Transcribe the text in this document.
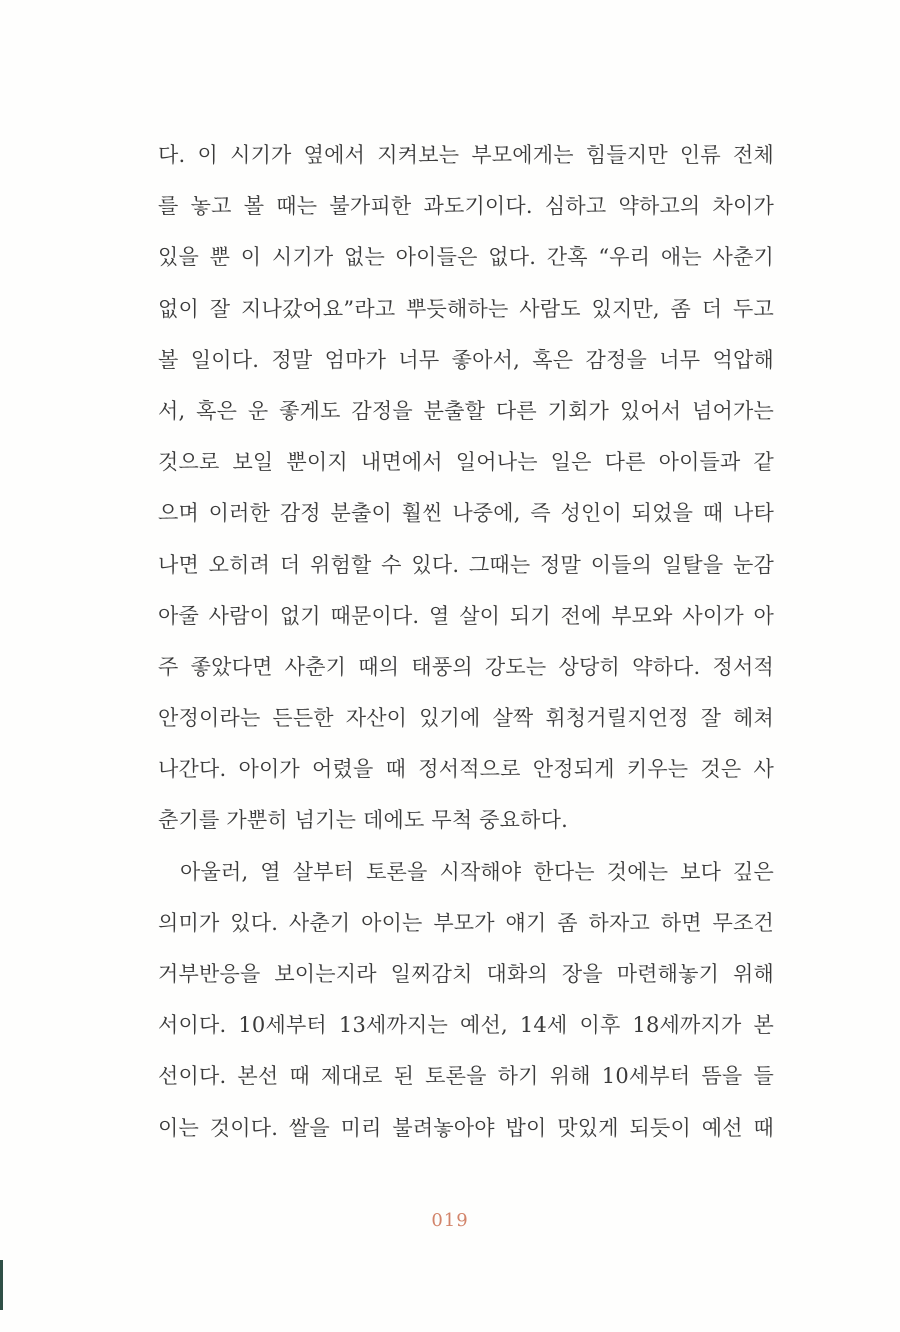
다. 이 시기가 옆에서 지켜보는 부모에게는 힘들지만 인류 전체
를 놓고 볼 때는 불가피한 과도기이다. 심하고 약하고의 차이가
있을 뿐 이 시기가 없는 아이들은 없다. 간혹 “우리 애는 사춘기
없이 잘 지나갔어요”라고 뿌듯해하는 사람도 있지만, 좀 더 두고
볼 일이다. 정말 엄마가 너무 좋아서, 혹은 감정을 너무 억압해
서, 혹은 운 좋게도 감정을 분출할 다른 기회가 있어서 넘어가는
것으로 보일 뿐이지 내면에서 일어나는 일은 다른 아이들과 같
으며 이러한 감정 분출이 훨씬 나중에, 즉 성인이 되었을 때 나타
나면 오히려 더 위험할 수 있다. 그때는 정말 이들의 일탈을 눈감
아줄 사람이 없기 때문이다. 열 살이 되기 전에 부모와 사이가 아
주 좋았다면 사춘기 때의 태풍의 강도는 상당히 약하다. 정서적
안정이라는 든든한 자산이 있기에 살짝 휘청거릴지언정 잘 헤쳐
나간다. 아이가 어렸을 때 정서적으로 안정되게 키우는 것은 사
춘기를 가뿐히 넘기는 데에도 무척 중요하다.
아울러, 열 살부터 토론을 시작해야 한다는 것에는 보다 깊은
의미가 있다. 사춘기 아이는 부모가 얘기 좀 하자고 하면 무조건
거부반응을 보이는지라 일찌감치 대화의 장을 마련해놓기 위해
서이다. 10세부터 13세까지는 예선, 14세 이후 18세까지가 본
선이다. 본선 때 제대로 된 토론을 하기 위해 10세부터 뜸을 들
이는 것이다. 쌀을 미리 불려놓아야 밥이 맛있게 되듯이 예선 때
019
